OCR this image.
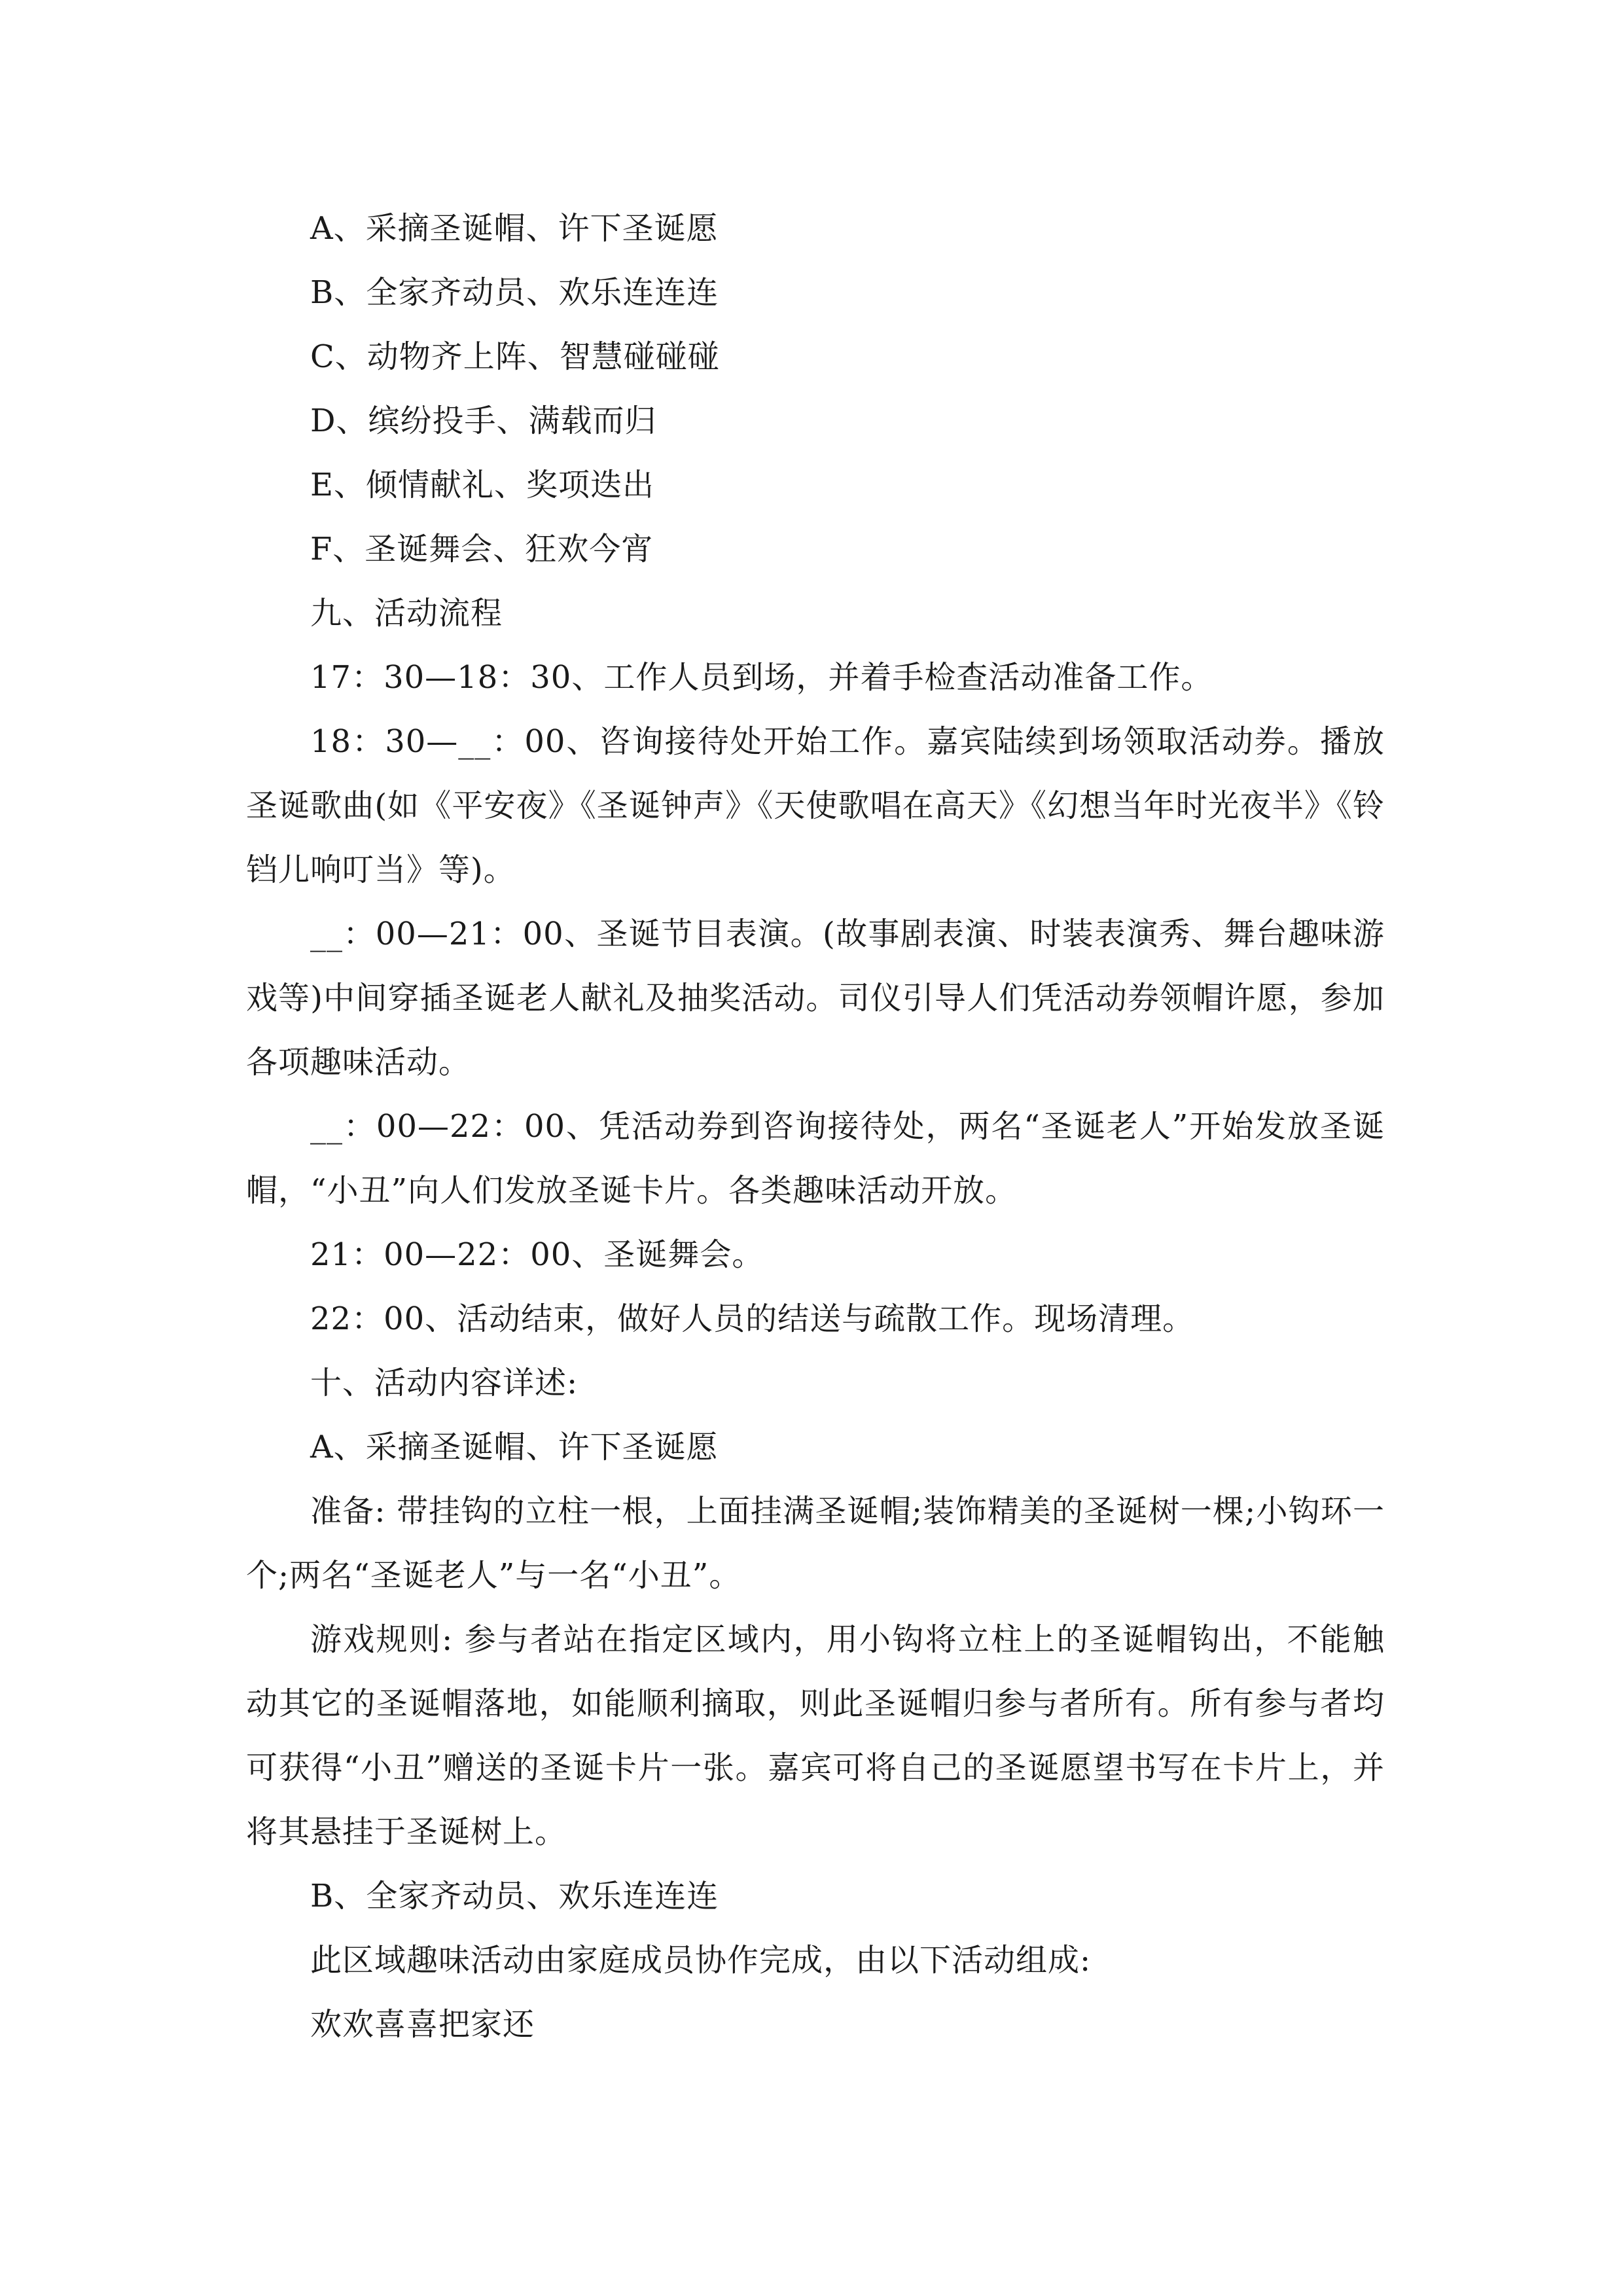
A、采摘圣诞帽、许下圣诞愿
B、全家齐动员、欢乐连连连
C、动物齐上阵、智慧碰碰碰
D、缤纷投手、满载而归
E、倾情献礼、奖项迭出
F、圣诞舞会、狂欢今宵
九、活动流程
17：30—18：30、工作人员到场，并着手检查活动准备工作。
18：30—__：00、咨询接待处开始工作。嘉宾陆续到场领取活动券。播放圣诞歌曲(如《平安夜》《圣诞钟声》《天使歌唱在高天》《幻想当年时光夜半》《铃铛儿响叮当》等)。
__：00—21：00、圣诞节目表演。(故事剧表演、时装表演秀、舞台趣味游戏等)中间穿插圣诞老人献礼及抽奖活动。司仪引导人们凭活动券领帽许愿，参加各项趣味活动。
__：00—22：00、凭活动券到咨询接待处，两名“圣诞老人”开始发放圣诞帽，“小丑”向人们发放圣诞卡片。各类趣味活动开放。
21：00—22：00、圣诞舞会。
22：00、活动结束，做好人员的结送与疏散工作。现场清理。
十、活动内容详述:
A、采摘圣诞帽、许下圣诞愿
准备: 带挂钩的立柱一根，上面挂满圣诞帽;装饰精美的圣诞树一棵;小钩环一个;两名“圣诞老人”与一名“小丑”。
游戏规则: 参与者站在指定区域内，用小钩将立柱上的圣诞帽钩出，不能触动其它的圣诞帽落地，如能顺利摘取，则此圣诞帽归参与者所有。所有参与者均可获得“小丑”赠送的圣诞卡片一张。嘉宾可将自己的圣诞愿望书写在卡片上，并将其悬挂于圣诞树上。
B、全家齐动员、欢乐连连连
此区域趣味活动由家庭成员协作完成，由以下活动组成:
欢欢喜喜把家还
